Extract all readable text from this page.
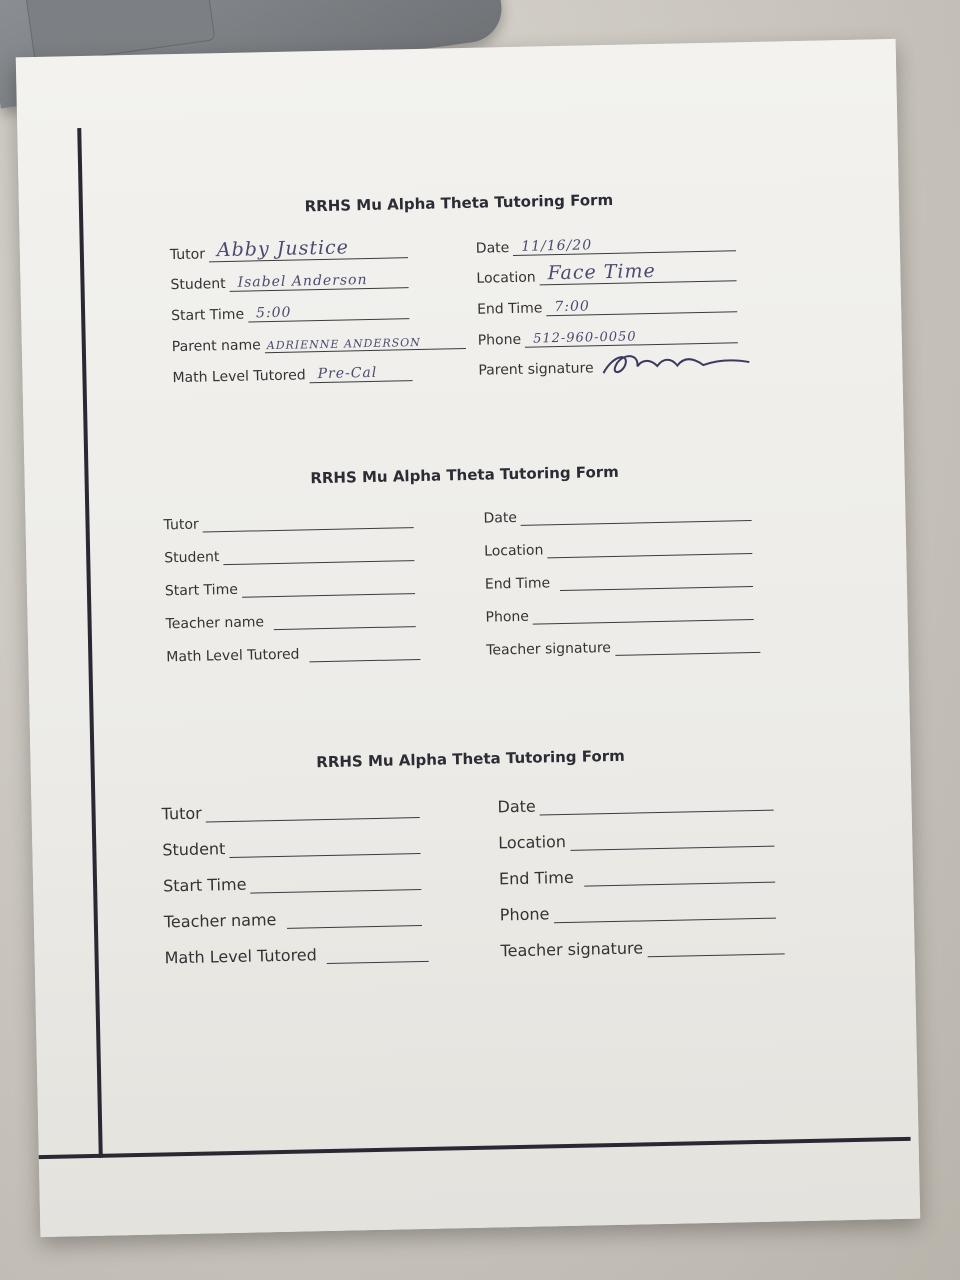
RRHS Mu Alpha Theta Tutoring Form
Tutor Abby Justice
Student Isabel Anderson
Start Time 5:00
Parent name ADRIENNE ANDERSON
Math Level Tutored Pre-Cal
Date 11/16/20
Location Face Time
End Time 7:00
Phone 512-960-0050
Parent signature
RRHS Mu Alpha Theta Tutoring Form
Tutor
Student
Start Time
Teacher name
Math Level Tutored
Date
Location
End Time
Phone
Teacher signature
RRHS Mu Alpha Theta Tutoring Form
Tutor
Student
Start Time
Teacher name
Math Level Tutored
Date
Location
End Time
Phone
Teacher signature
